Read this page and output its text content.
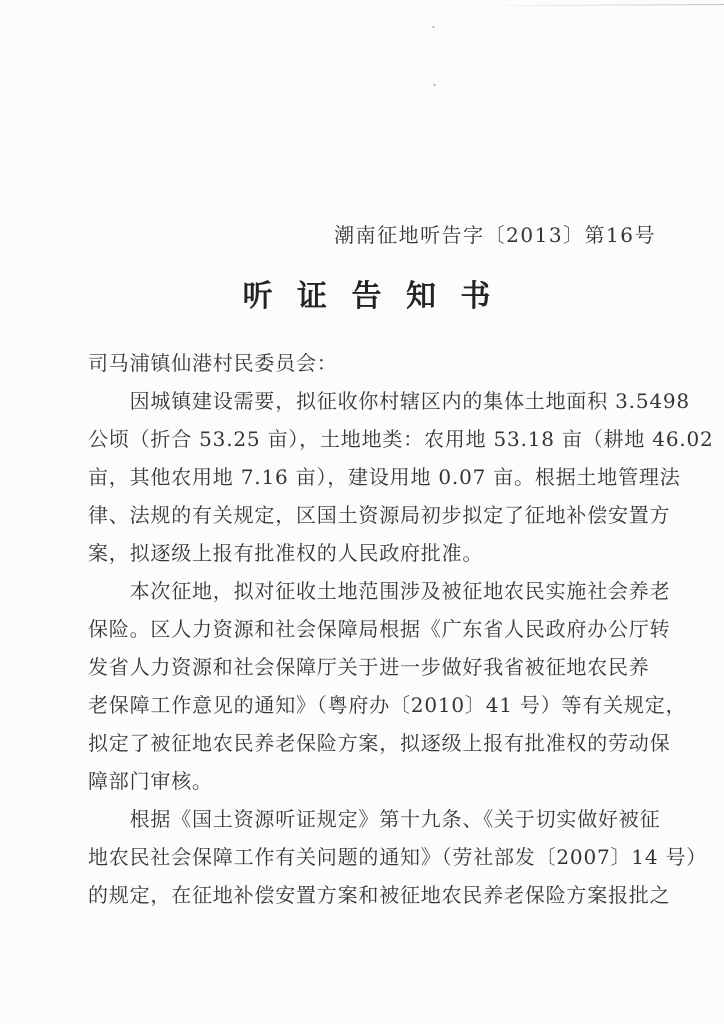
潮南征地听告字〔2013〕第16号
听 证 告 知 书
司马浦镇仙港村民委员会：
　　因城镇建设需要，拟征收你村辖区内的集体土地面积 3.5498
公顷（折合 53.25 亩），土地地类：农用地 53.18 亩（耕地 46.02
亩，其他农用地 7.16 亩），建设用地 0.07 亩。根据土地管理法
律、法规的有关规定，区国土资源局初步拟定了征地补偿安置方
案，拟逐级上报有批准权的人民政府批准。
　　本次征地，拟对征收土地范围涉及被征地农民实施社会养老
保险。区人力资源和社会保障局根据《广东省人民政府办公厅转
发省人力资源和社会保障厅关于进一步做好我省被征地农民养
老保障工作意见的通知》（粤府办〔2010〕41 号）等有关规定，
拟定了被征地农民养老保险方案，拟逐级上报有批准权的劳动保
障部门审核。
　　根据《国土资源听证规定》第十九条、《关于切实做好被征
地农民社会保障工作有关问题的通知》（劳社部发〔2007〕14 号）
的规定，在征地补偿安置方案和被征地农民养老保险方案报批之
